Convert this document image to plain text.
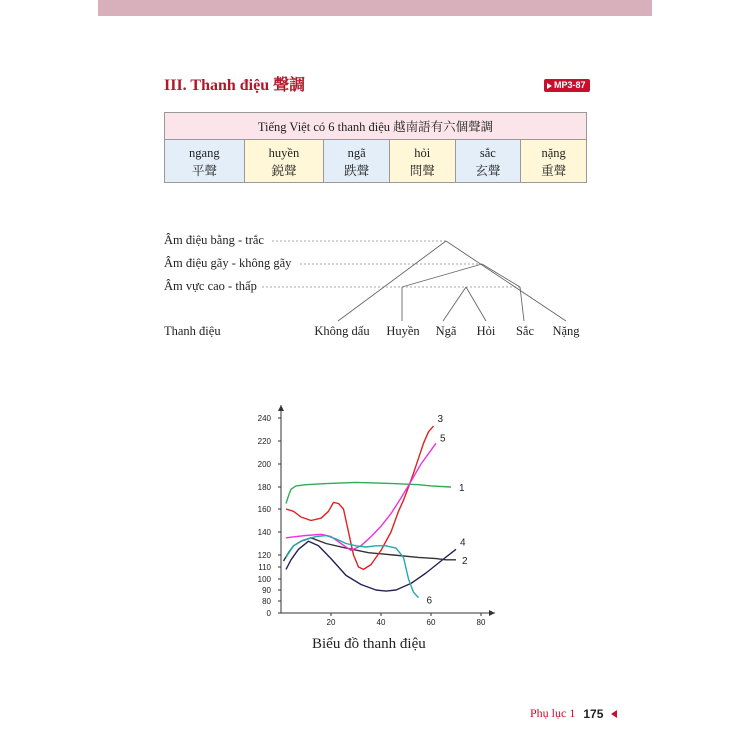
III. Thanh điệu 聲調	MP3-87
Tiếng Việt có 6 thanh điệu 越南語有六個聲調					
ngang	huyền	ngã	hỏi	sắc	nặng
平聲	鋭聲	跌聲	問聲	玄聲	重聲
Âm điệu bằng - trắc
Âm điệu gãy - không gãy
Âm vực cao - thấp
Thanh điệu	Không dấu Huyền Ngã Hỏi Sắc Nặng
0
80
90
100
110
120
140
160
180
200
220
240
20	40	60	80
1
2
3
4
5
6
Biểu đồ thanh điệu
Phụ lục 1 175
